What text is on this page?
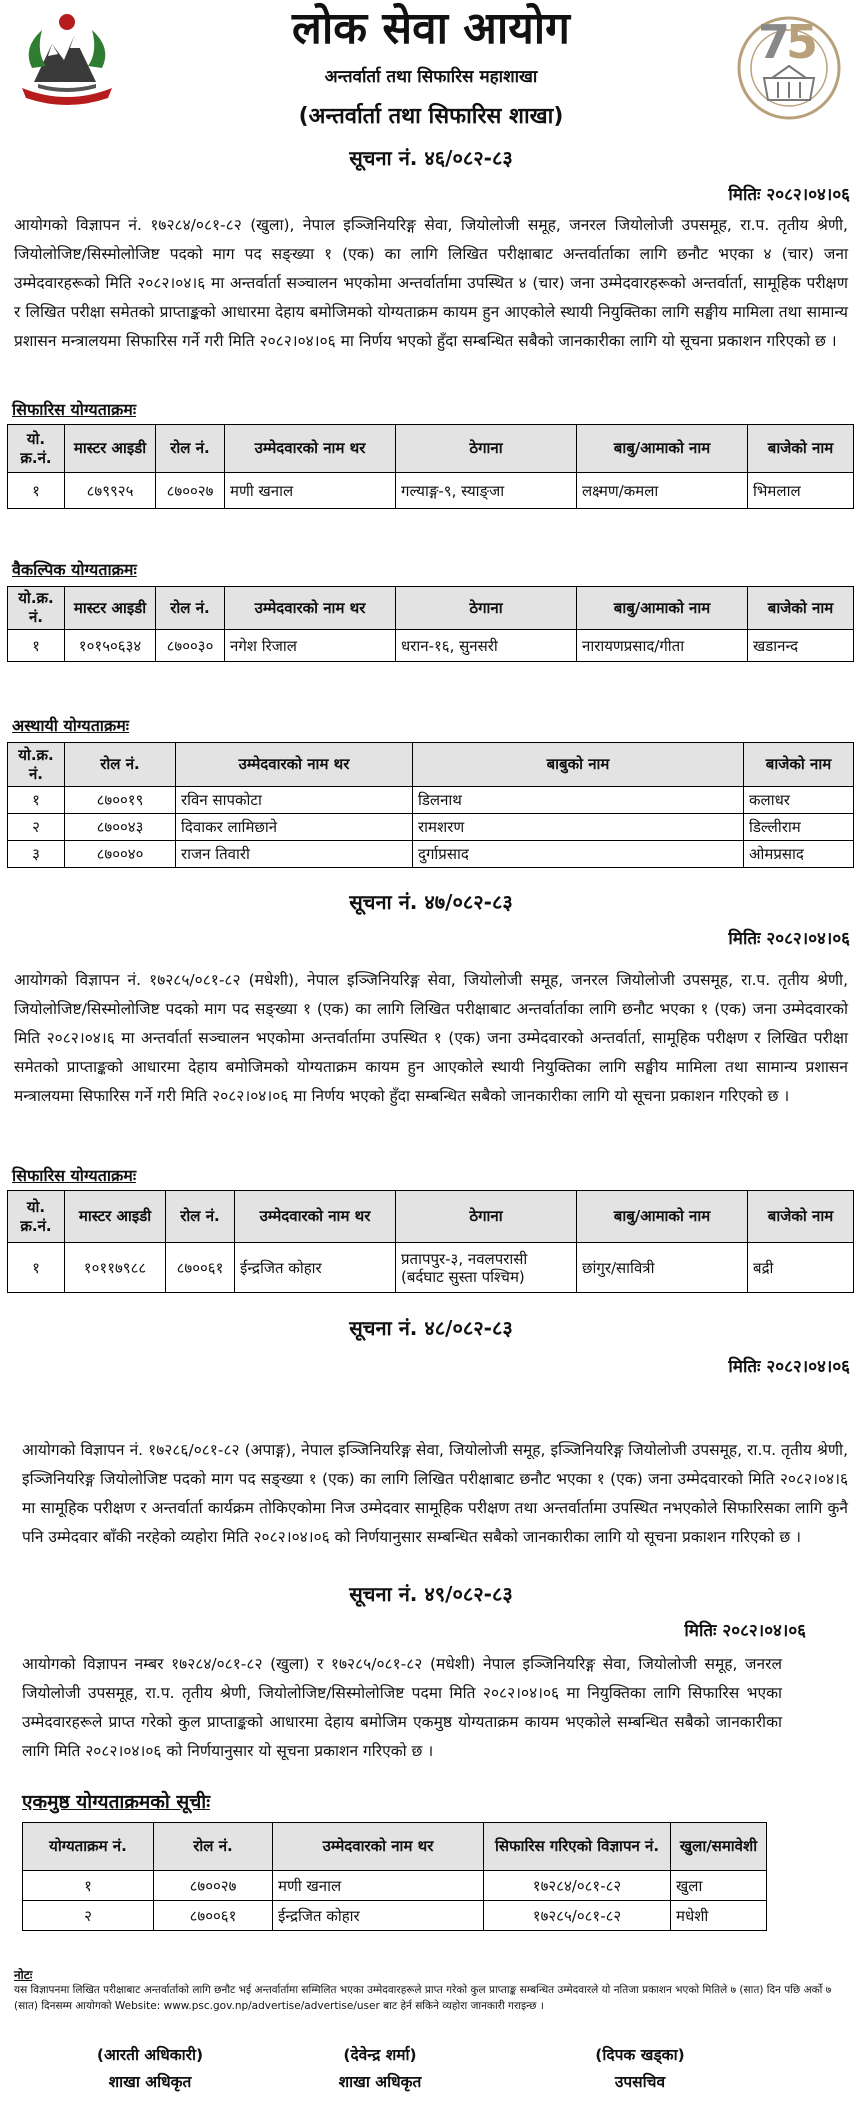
7
5
लोक सेवा आयोग
अन्तर्वार्ता तथा सिफारिस महाशाखा
(अन्तर्वार्ता तथा सिफारिस शाखा)
सूचना नं. ४६/०८२-८३
मितिः २०८२।०४।०६
आयोगको विज्ञापन नं. १७२८४/०८१-८२ (खुला), नेपाल इञ्जिनियरिङ्ग सेवा, जियोलोजी समूह, जनरल जियोलोजी उपसमूह, रा.प. तृतीय श्रेणी, जियोलोजिष्ट/सिस्मोलोजिष्ट पदको माग पद सङ्ख्या १ (एक) का लागि लिखित परीक्षाबाट अन्तर्वार्ताका लागि छनौट भएका ४ (चार) जना उम्मेदवारहरूको मिति २०८२।०४।६ मा अन्तर्वार्ता सञ्चालन भएकोमा अन्तर्वार्तामा उपस्थित ४ (चार) जना उम्मेदवारहरूको अन्तर्वार्ता, सामूहिक परीक्षण र लिखित परीक्षा समेतको प्राप्ताङ्कको आधारमा देहाय बमोजिमको योग्यताक्रम कायम हुन आएकोले स्थायी नियुक्तिका लागि सङ्घीय मामिला तथा सामान्य प्रशासन मन्त्रालयमा सिफारिस गर्ने गरी मिति २०८२।०४।०६ मा निर्णय भएको हुँदा सम्बन्धित सबैको जानकारीका लागि यो सूचना प्रकाशन गरिएको छ ।
सिफारिस योग्यताक्रमः
यो. क्र.नं.	मास्टर आइडी	रोल नं.	उम्मेदवारको नाम थर	ठेगाना	बाबु/आमाको नाम	बाजेको नाम
१	८७९९२५	८७००२७	मणी खनाल	गल्याङ्ग-९, स्याङ्जा	लक्ष्मण/कमला	भिमलाल
वैकल्पिक योग्यताक्रमः
यो.क्र. नं.	मास्टर आइडी	रोल नं.	उम्मेदवारको नाम थर	ठेगाना	बाबु/आमाको नाम	बाजेको नाम
१	१०१५०६३४	८७००३०	नगेश रिजाल	धरान-१६, सुनसरी	नारायणप्रसाद/गीता	खडानन्द
अस्थायी योग्यताक्रमः
यो.क्र. नं.	रोल नं.	उम्मेदवारको नाम थर	बाबुको नाम	बाजेको नाम
१	८७००१९	रविन सापकोटा	डिलनाथ	कलाधर
२	८७००४३	दिवाकर लामिछाने	रामशरण	डिल्लीराम
३	८७००४०	राजन तिवारी	दुर्गाप्रसाद	ओमप्रसाद
सूचना नं. ४७/०८२-८३
मितिः २०८२।०४।०६
आयोगको विज्ञापन नं. १७२८५/०८१-८२ (मधेशी), नेपाल इञ्जिनियरिङ्ग सेवा, जियोलोजी समूह, जनरल जियोलोजी उपसमूह, रा.प. तृतीय श्रेणी, जियोलोजिष्ट/सिस्मोलोजिष्ट पदको माग पद सङ्ख्या १ (एक) का लागि लिखित परीक्षाबाट अन्तर्वार्ताका लागि छनौट भएका १ (एक) जना उम्मेदवारको मिति २०८२।०४।६ मा अन्तर्वार्ता सञ्चालन भएकोमा अन्तर्वार्तामा उपस्थित १ (एक) जना उम्मेदवारको अन्तर्वार्ता, सामूहिक परीक्षण र लिखित परीक्षा समेतको प्राप्ताङ्कको आधारमा देहाय बमोजिमको योग्यताक्रम कायम हुन आएकोले स्थायी नियुक्तिका लागि सङ्घीय मामिला तथा सामान्य प्रशासन मन्त्रालयमा सिफारिस गर्ने गरी मिति २०८२।०४।०६ मा निर्णय भएको हुँदा सम्बन्धित सबैको जानकारीका लागि यो सूचना प्रकाशन गरिएको छ ।
सिफारिस योग्यताक्रमः
यो. क्र.नं.	मास्टर आइडी	रोल नं.	उम्मेदवारको नाम थर	ठेगाना	बाबु/आमाको नाम	बाजेको नाम
१	१०११७९८८	८७००६१	ईन्द्रजित कोहार	प्रतापपुर-३, नवलपरासी (बर्दघाट सुस्ता पश्चिम)	छांगुर/सावित्री	बद्री
सूचना नं. ४८/०८२-८३
मितिः २०८२।०४।०६
आयोगको विज्ञापन नं. १७२८६/०८१-८२ (अपाङ्ग), नेपाल इञ्जिनियरिङ्ग सेवा, जियोलोजी समूह, इञ्जिनियरिङ्ग जियोलोजी उपसमूह, रा.प. तृतीय श्रेणी, इञ्जिनियरिङ्ग जियोलोजिष्ट पदको माग पद सङ्ख्या १ (एक) का लागि लिखित परीक्षाबाट छनौट भएका १ (एक) जना उम्मेदवारको मिति २०८२।०४।६ मा सामूहिक परीक्षण र अन्तर्वार्ता कार्यक्रम तोकिएकोमा निज उम्मेदवार सामूहिक परीक्षण तथा अन्तर्वार्तामा उपस्थित नभएकोले सिफारिसका लागि कुनै पनि उम्मेदवार बाँकी नरहेको व्यहोरा मिति २०८२।०४।०६ को निर्णयानुसार सम्बन्धित सबैको जानकारीका लागि यो सूचना प्रकाशन गरिएको छ ।
सूचना नं. ४९/०८२-८३
मितिः २०८२।०४।०६
आयोगको विज्ञापन नम्बर १७२८४/०८१-८२ (खुला) र १७२८५/०८१-८२ (मधेशी) नेपाल इञ्जिनियरिङ्ग सेवा, जियोलोजी समूह, जनरल जियोलोजी उपसमूह, रा.प. तृतीय श्रेणी, जियोलोजिष्ट/सिस्मोलोजिष्ट पदमा मिति २०८२।०४।०६ मा नियुक्तिका लागि सिफारिस भएका उम्मेदवारहरूले प्राप्त गरेको कुल प्राप्ताङ्कको आधारमा देहाय बमोजिम एकमुष्ठ योग्यताक्रम कायम भएकोले सम्बन्धित सबैको जानकारीका लागि मिति २०८२।०४।०६ को निर्णयानुसार यो सूचना प्रकाशन गरिएको छ ।
एकमुष्ठ योग्यताक्रमको सूचीः
योग्यताक्रम नं.	रोल नं.	उम्मेदवारको नाम थर	सिफारिस गरिएको विज्ञापन नं.	खुला/समावेशी
१	८७००२७	मणी खनाल	१७२८४/०८१-८२	खुला
२	८७००६१	ईन्द्रजित कोहार	१७२८५/०८१-८२	मधेशी
नोटः
यस विज्ञापनमा लिखित परीक्षाबाट अन्तर्वार्ताको लागि छनौट भई अन्तर्वार्तामा सम्मिलित भएका उम्मेदवारहरूले प्राप्त गरेको कुल प्राप्ताङ्क सम्बन्धित उम्मेदवारले यो नतिजा प्रकाशन भएको मितिले ७ (सात) दिन पछि अर्को ७ (सात) दिनसम्म आयोगको Website: www.psc.gov.np/advertise/advertise/user बाट हेर्न सकिने व्यहोरा जानकारी गराइन्छ ।
(आरती अधिकारी)
शाखा अधिकृत
(देवेन्द्र शर्मा)
शाखा अधिकृत
(दिपक खड्का)
उपसचिव
